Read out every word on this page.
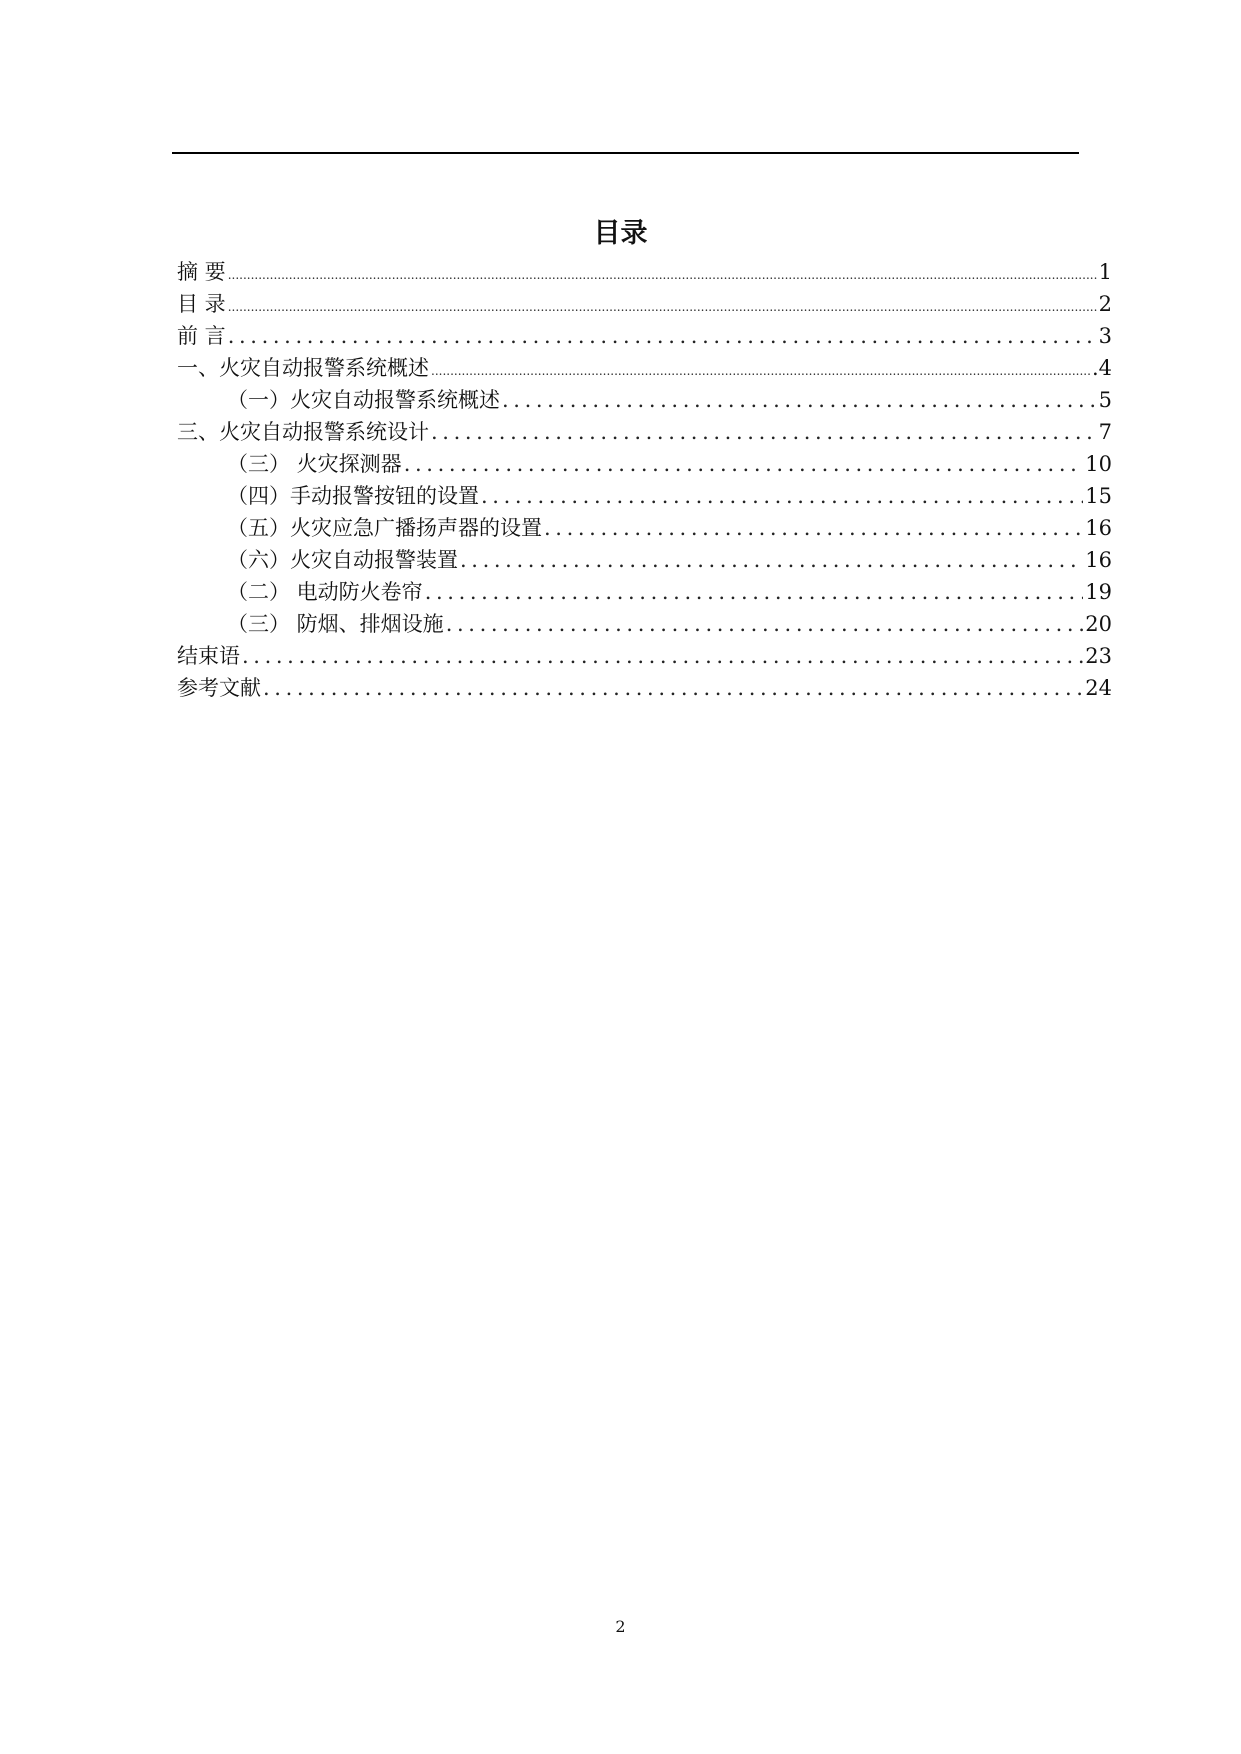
目录
摘 要 .....	1
目 录 .....	2
前 言 .....	3
一、火灾自动报警系统概述 .....	.4
（一）火灾自动报警系统概述 .....	5
三、火灾自动报警系统设计 .....	7
（三） 火灾探测器 .....	10
（四）手动报警按钮的设置 .....	15
（五）火灾应急广播扬声器的设置 .....	16
（六）火灾自动报警装置 .....	16
（二） 电动防火卷帘 .....	19
（三） 防烟、排烟设施 .....	20
结束语 .....	23
参考文献 .....	24
2
